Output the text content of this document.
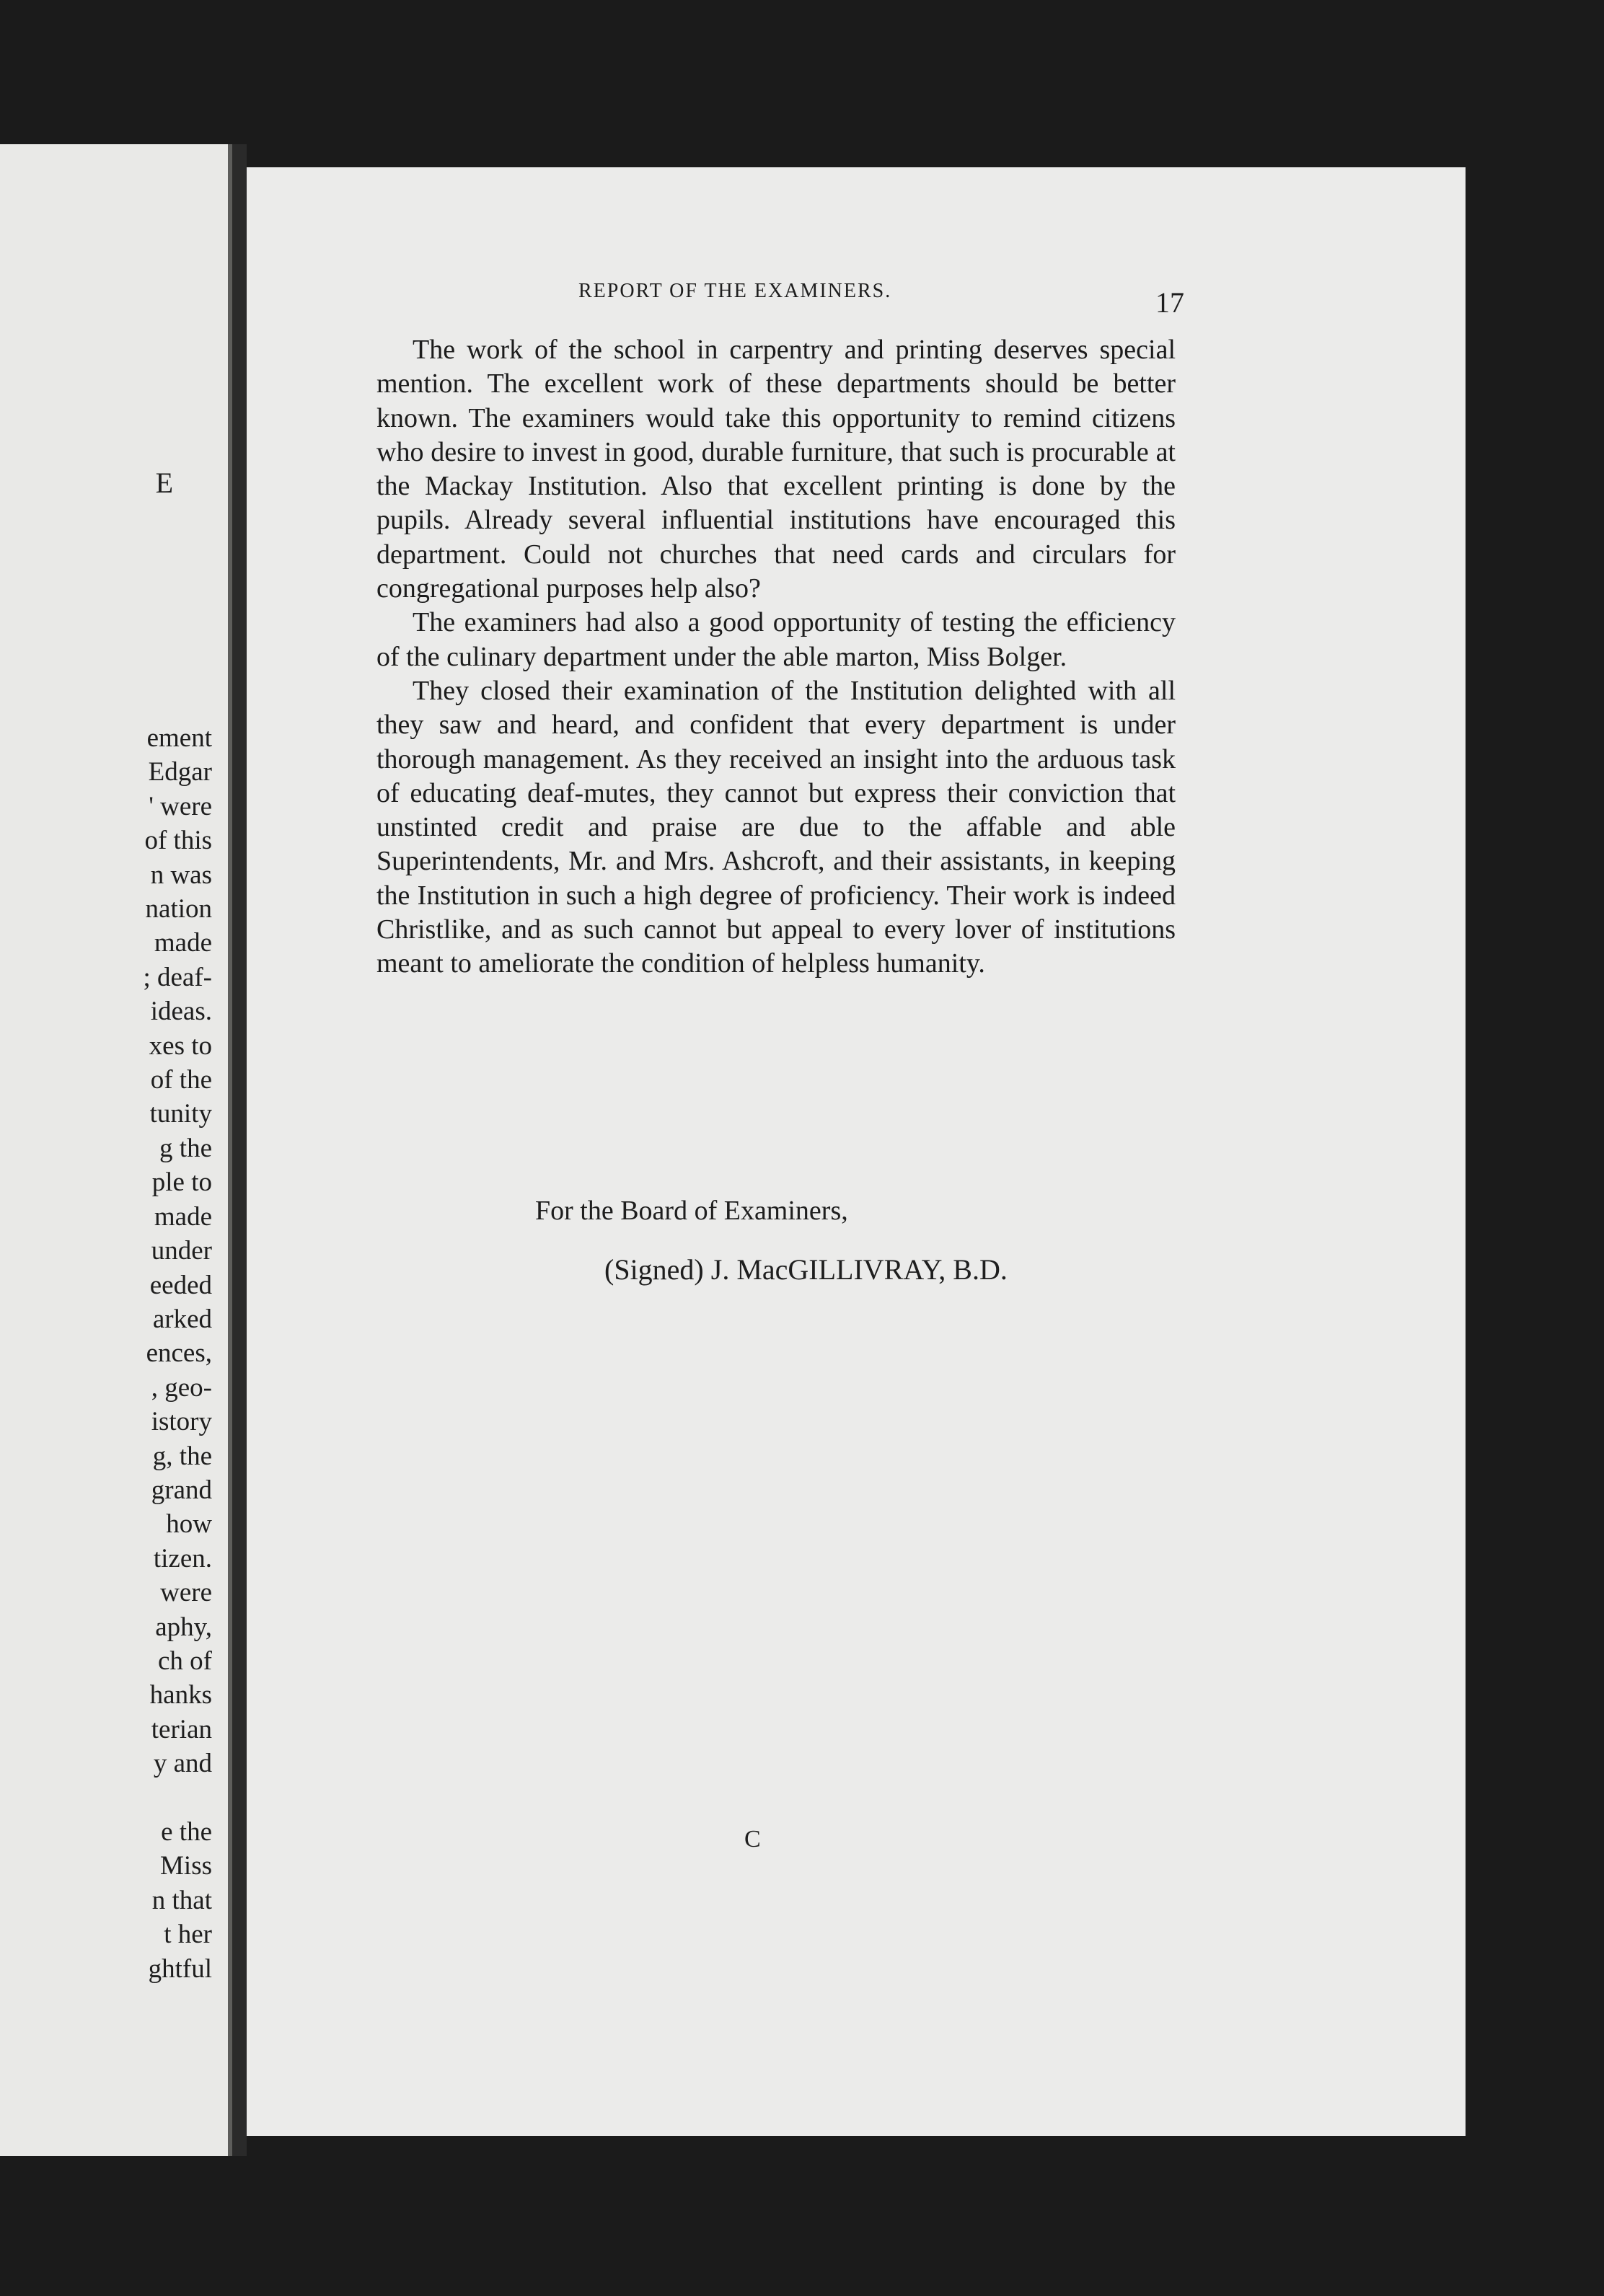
E

ement
Edgar
' were
of this
n was
nation
made
; deaf-
ideas.
xes to
of the
tunity
g the
ple to
made
under
eeded
arked
ences,
, geo-
istory
g, the
grand
how
tizen.
were
aphy,
ch of
hanks
terian
y and

e the
Miss
n that
t her
ghtful
REPORT OF THE EXAMINERS.	17

The work of the school in carpentry and printing deserves special mention. The excellent work of these departments should be better known. The examiners would take this opportunity to remind citizens who desire to invest in good, durable furniture, that such is procurable at the Mackay Institution. Also that excellent printing is done by the pupils. Already several influential institutions have encouraged this department. Could not churches that need cards and circulars for congregational purposes help also?

The examiners had also a good opportunity of testing the efficiency of the culinary department under the able marton, Miss Bolger.

They closed their examination of the Institution delighted with all they saw and heard, and confident that every department is under thorough management. As they received an insight into the arduous task of educating deaf-mutes, they cannot but express their conviction that unstinted credit and praise are due to the affable and able Superintendents, Mr. and Mrs. Ashcroft, and their assistants, in keeping the Institution in such a high degree of proficiency. Their work is indeed Christlike, and as such cannot but appeal to every lover of institutions meant to ameliorate the condition of helpless humanity.

For the Board of Examiners,

(Signed) J. MacGILLIVRAY, B.D.

C
